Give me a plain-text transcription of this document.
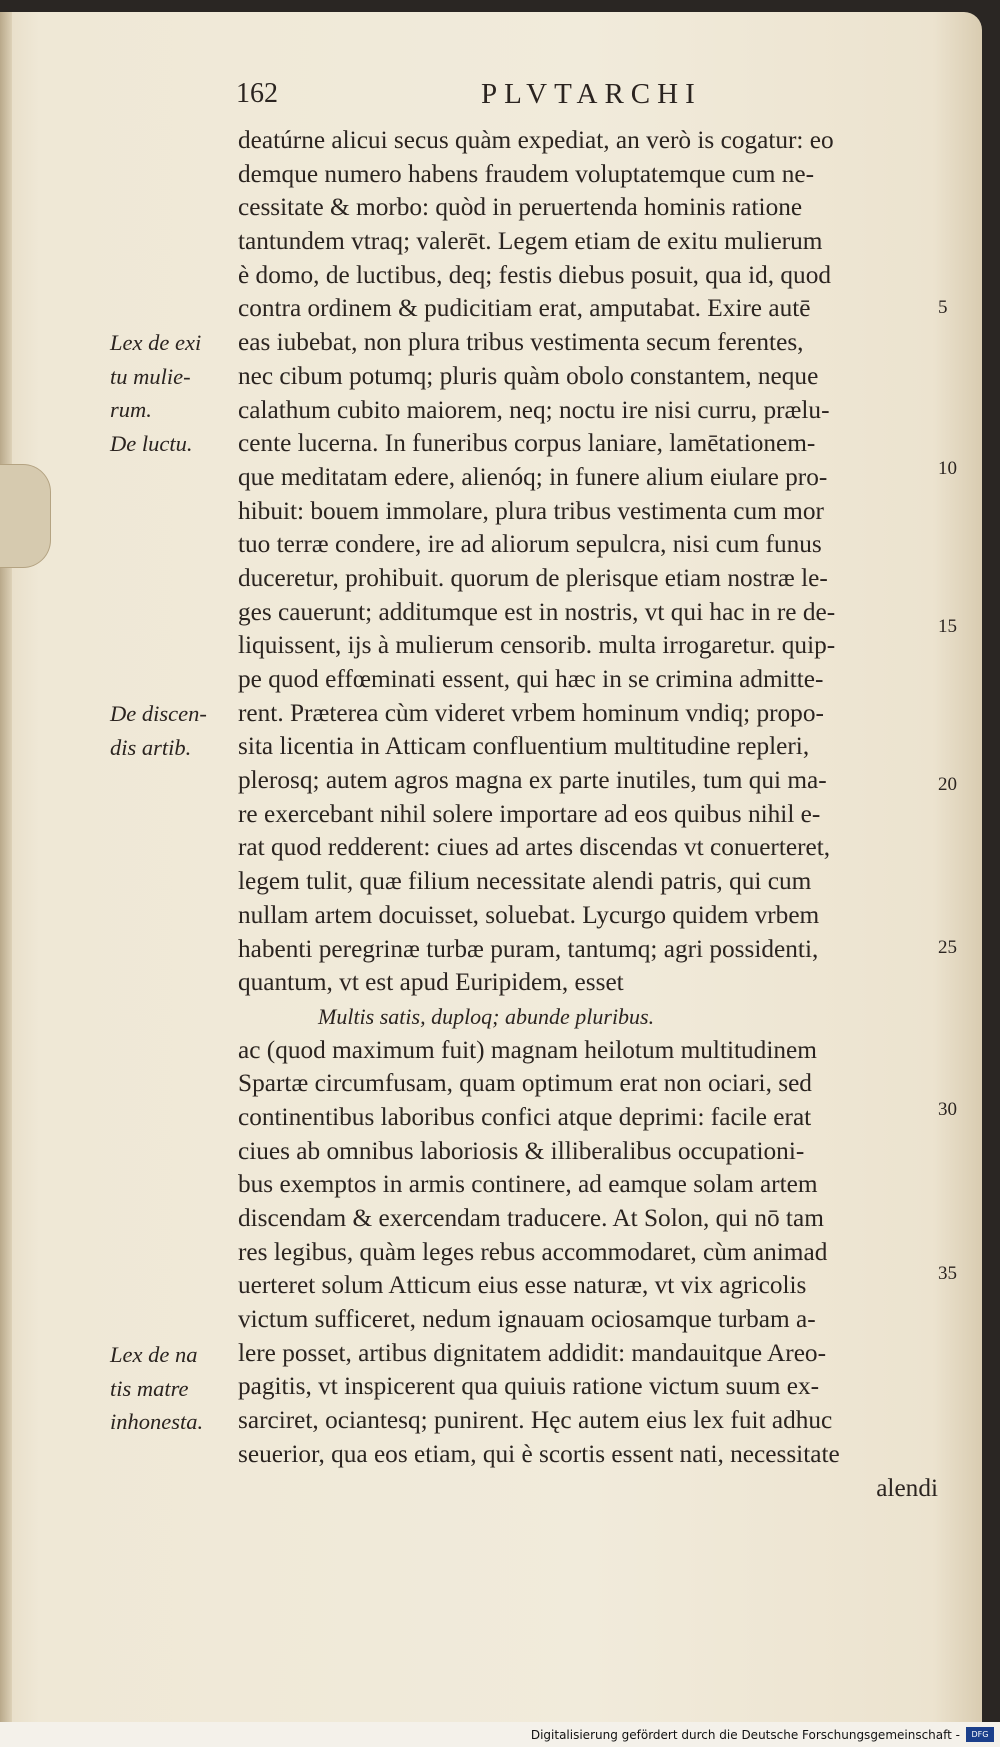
162	PLVTARCHI
deatúrne alicui secus quàm expediat, an verò is cogatur: eo
demque numero habens fraudem voluptatemque cum ne-
cessitate & morbo: quòd in peruertenda hominis ratione
tantundem vtraq; valerēt. Legem etiam de exitu mulierum
è domo, de luctibus, deq; festis diebus posuit, qua id, quod
contra ordinem & pudicitiam erat, amputabat. Exire autē
eas iubebat, non plura tribus vestimenta secum ferentes,
nec cibum potumq; pluris quàm obolo constantem, neque
calathum cubito maiorem, neq; noctu ire nisi curru, prælu-
cente lucerna. In funeribus corpus laniare, lamētationem-
que meditatam edere, alienóq; in funere alium eiulare pro-
hibuit: bouem immolare, plura tribus vestimenta cum mor
tuo terræ condere, ire ad aliorum sepulcra, nisi cum funus
duceretur, prohibuit. quorum de plerisque etiam nostræ le-
ges cauerunt; additumque est in nostris, vt qui hac in re de-
liquissent, ijs à mulierum censorib. multa irrogaretur. quip-
pe quod effœminati essent, qui hæc in se crimina admitte-
rent. Præterea cùm videret vrbem hominum vndiq; propo-
sita licentia in Atticam confluentium multitudine repleri,
plerosq; autem agros magna ex parte inutiles, tum qui ma-
re exercebant nihil solere importare ad eos quibus nihil e-
rat quod redderent: ciues ad artes discendas vt conuerteret,
legem tulit, quæ filium necessitate alendi patris, qui cum
nullam artem docuisset, soluebat. Lycurgo quidem vrbem
habenti peregrinæ turbæ puram, tantumq; agri possidenti,
quantum, vt est apud Euripidem, esset
Multis satis, duploq; abunde pluribus.
ac (quod maximum fuit) magnam heilotum multitudinem
Spartæ circumfusam, quam optimum erat non ociari, sed
continentibus laboribus confici atque deprimi: facile erat
ciues ab omnibus laboriosis & illiberalibus occupationi-
bus exemptos in armis continere, ad eamque solam artem
discendam & exercendam traducere. At Solon, qui nō tam
res legibus, quàm leges rebus accommodaret, cùm animad
uerteret solum Atticum eius esse naturæ, vt vix agricolis
victum sufficeret, nedum ignauam ociosamque turbam a-
lere posset, artibus dignitatem addidit: mandauitque Areo-
pagitis, vt inspicerent qua quiuis ratione victum suum ex-
sarciret, ociantesq; punirent. Hęc autem eius lex fuit adhuc
seuerior, qua eos etiam, qui è scortis essent nati, necessitate
alendi
Lex de exi
tu mulie-
rum.
De luctu.
De discen-
dis artib.
Lex de na
tis matre
inhonesta.
5
10
15
20
25
30
35
Digitalisierung gefördert durch die Deutsche Forschungsgemeinschaft -	DFG
